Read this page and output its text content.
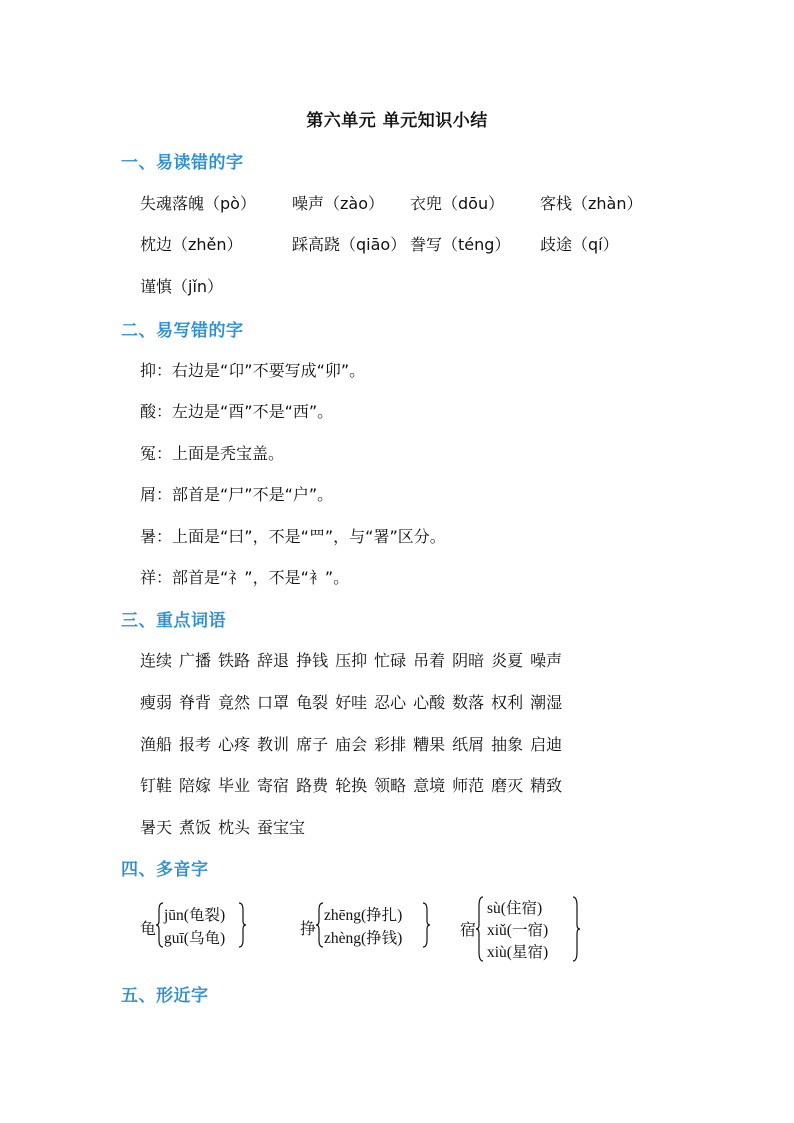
第六单元 单元知识小结
一、易读错的字
失魂落魄（pò） 噪声（zào） 衣兜（dōu） 客栈（zhàn）
枕边（zhěn）	踩高跷（qiāo） 誊写（téng） 歧途（qí）
谨慎（jǐn）
二、易写错的字
抑：右边是“卬”不要写成“卯”。
酸：左边是“酉”不是“西”。
冤：上面是秃宝盖。
屑：部首是“尸”不是“户”。
暑：上面是“曰”，不是“罒”，与“署”区分。
祥：部首是“礻”，不是“衤”。
三、重点词语
连续 广播 铁路 辞退 挣钱 压抑 忙碌 吊着 阴暗 炎夏 噪声
瘦弱 脊背 竟然 口罩 龟裂 好哇 忍心 心酸 数落 权利 潮湿
渔船 报考 心疼 教训 席子 庙会 彩排 糟果 纸屑 抽象 启迪
钉鞋 陪嫁 毕业 寄宿 路费 轮换 领略 意境 师范 磨灭 精致
暑天 煮饭 枕头 蚕宝宝
四、多音字
龟
jūn(龟裂)
guī(乌龟)
挣
zhēng(挣扎)
zhèng(挣钱)	宿
sù(住宿)
xiǔ(一宿)
xiù(星宿)
五、形近字
